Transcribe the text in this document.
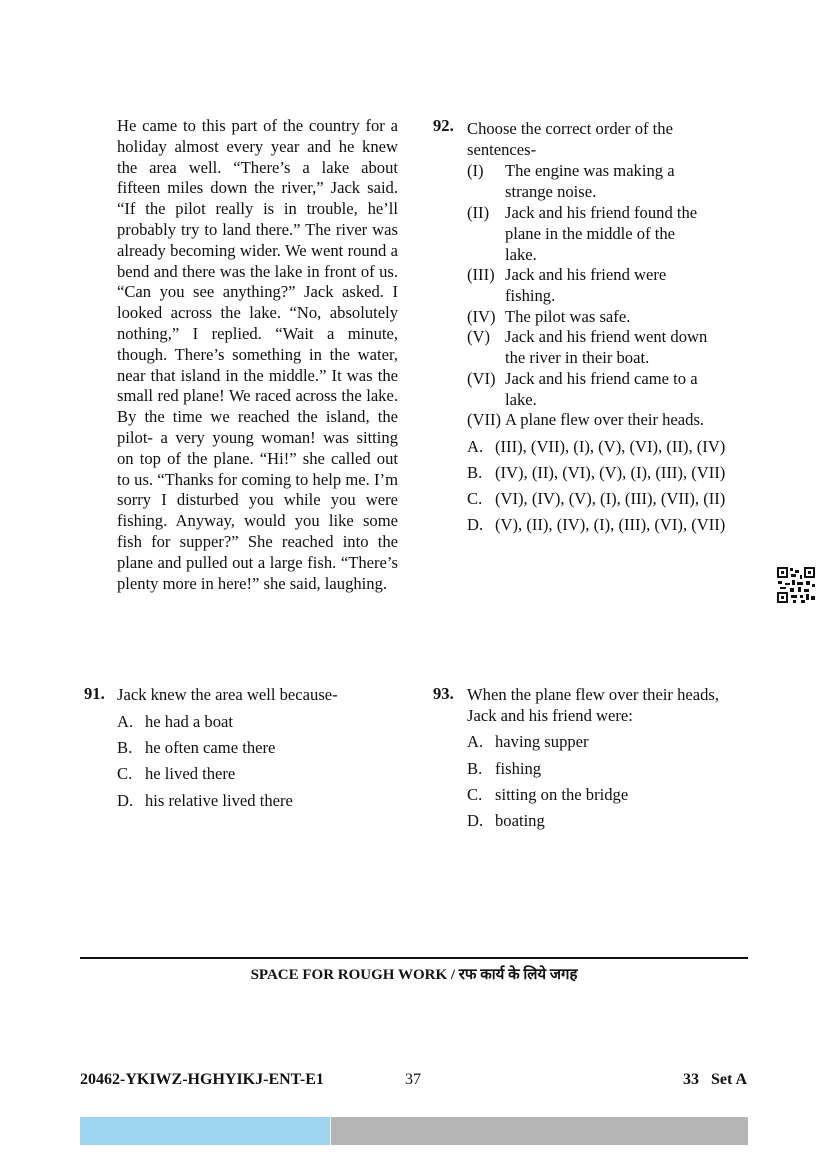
He came to this part of the country for a holiday almost every year and he knew the area well. “There’s a lake about fifteen miles down the river,” Jack said. “If the pilot really is in trouble, he’ll probably try to land there.” The river was already becoming wider. We went round a bend and there was the lake in front of us. “Can you see anything?” Jack asked. I looked across the lake. “No, absolutely nothing,” I replied. “Wait a minute, though. There’s something in the water, near that island in the middle.” It was the small red plane! We raced across the lake. By the time we reached the island, the pilot- a very young woman! was sitting on top of the plane. “Hi!” she called out to us. “Thanks for coming to help me. I’m sorry I disturbed you while you were fishing. Anyway, would you like some fish for supper?” She reached into the plane and pulled out a large fish. “There’s plenty more in here!” she said, laughing.

92. Choose the correct order of the
sentences-
(I) The engine was making a
strange noise.
(II) Jack and his friend found the
plane in the middle of the
lake.
(III) Jack and his friend were
fishing.
(IV) The pilot was safe.
(V) Jack and his friend went down
the river in their boat.
(VI) Jack and his friend came to a
lake.
(VII) A plane flew over their heads.
A. (III), (VII), (I), (V), (VI), (II), (IV)
B. (IV), (II), (VI), (V), (I), (III), (VII)
C. (VI), (IV), (V), (I), (III), (VII), (II)
D. (V), (II), (IV), (I), (III), (VI), (VII)
91. Jack knew the area well because-
A. he had a boat
B. he often came there
C. he lived there
D. his relative lived there
93. When the plane flew over their heads,
Jack and his friend were:
A. having supper
B. fishing
C. sitting on the bridge
D. boating
SPACE FOR ROUGH WORK / रफ कार्य के लिये जगह
20462-YKIWZ-HGHYIKJ-ENT-E1	37	33   Set A
